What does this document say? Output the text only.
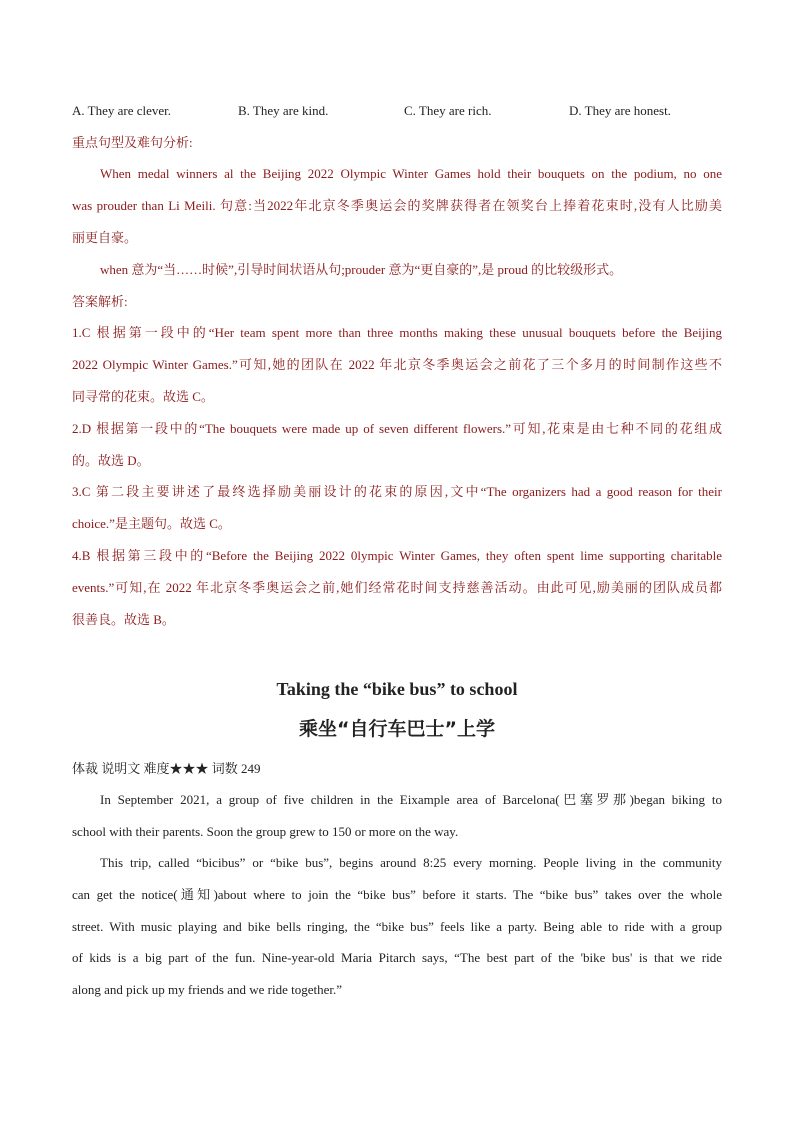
A. They are clever.	B. They are kind.	C. They are rich.	D. They are honest.
重点句型及难句分析:
When medal winners al the Beijing 2022 Olympic Winter Games hold their bouquets on the podium, no one
was prouder than Li Meili. 句意:当2022年北京冬季奥运会的奖牌获得者在领奖台上捧着花束时,没有人比励美
丽更自豪。
when 意为“当……时候”,引导时间状语从句;prouder 意为“更自豪的”,是 proud 的比较级形式。
答案解析:
1.C 根据第一段中的“Her team spent more than three months making these unusual bouquets before the Beijing
2022 Olympic Winter Games.”可知,她的团队在 2022 年北京冬季奥运会之前花了三个多月的时间制作这些不
同寻常的花束。故选 C。
2.D 根据第一段中的“The bouquets were made up of seven different flowers.”可知,花束是由七种不同的花组成
的。故选 D。
3.C 第二段主要讲述了最终选择励美丽设计的花束的原因,文中“The organizers had a good reason for their
choice.”是主题句。故选 C。
4.B 根据第三段中的“Before the Beijing 2022 0lympic Winter Games, they often spent lime supporting charitable
events.”可知,在 2022 年北京冬季奥运会之前,她们经常花时间支持慈善活动。由此可见,励美丽的团队成员都
很善良。故选 B。
Taking the “bike bus” to school
乘坐“自行车巴士”上学
体裁 说明文 难度★★★ 词数 249
In September 2021, a group of five children in the Eixample area of Barcelona(巴塞罗那)began biking to
school with their parents. Soon the group grew to 150 or more on the way.
This trip, called “bicibus” or “bike bus”, begins around 8:25 every morning. People living in the community
can get the notice(通知)about where to join the “bike bus” before it starts. The “bike bus” takes over the whole
street. With music playing and bike bells ringing, the “bike bus” feels like a party. Being able to ride with a group
of kids is a big part of the fun. Nine-year-old Maria Pitarch says, “The best part of the 'bike bus' is that we ride
along and pick up my friends and we ride together.”
